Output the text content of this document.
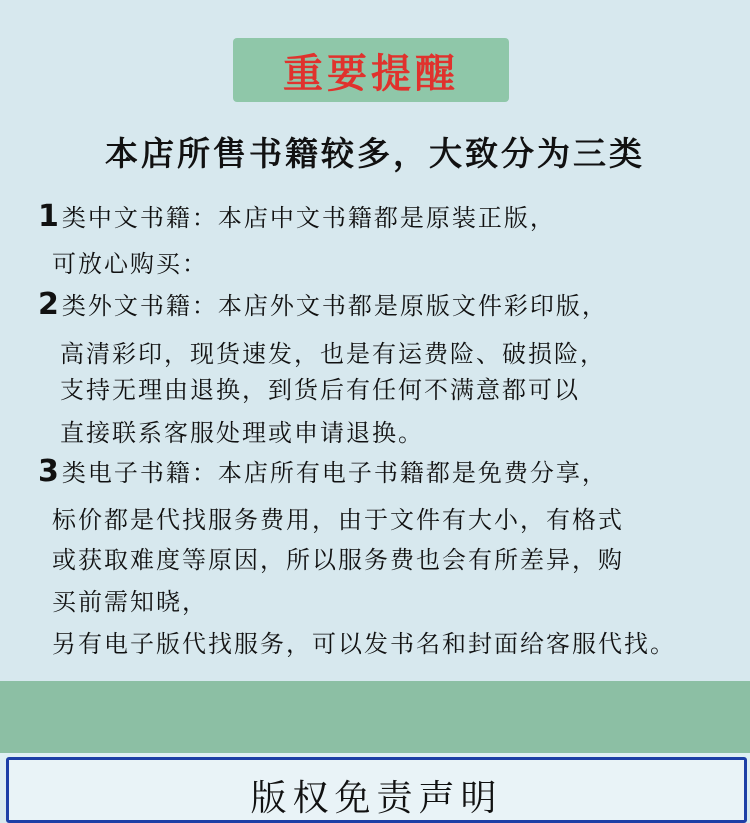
重要提醒
本店所售书籍较多，大致分为三类
1类中文书籍：本店中文书籍都是原装正版，
可放心购买：
2类外文书籍：本店外文书都是原版文件彩印版，
高清彩印，现货速发，也是有运费险、破损险，
支持无理由退换，到货后有任何不满意都可以
直接联系客服处理或申请退换。
3类电子书籍：本店所有电子书籍都是免费分享，
标价都是代找服务费用，由于文件有大小，有格式
或获取难度等原因，所以服务费也会有所差异，购
买前需知晓，
另有电子版代找服务，可以发书名和封面给客服代找。
版权免责声明
